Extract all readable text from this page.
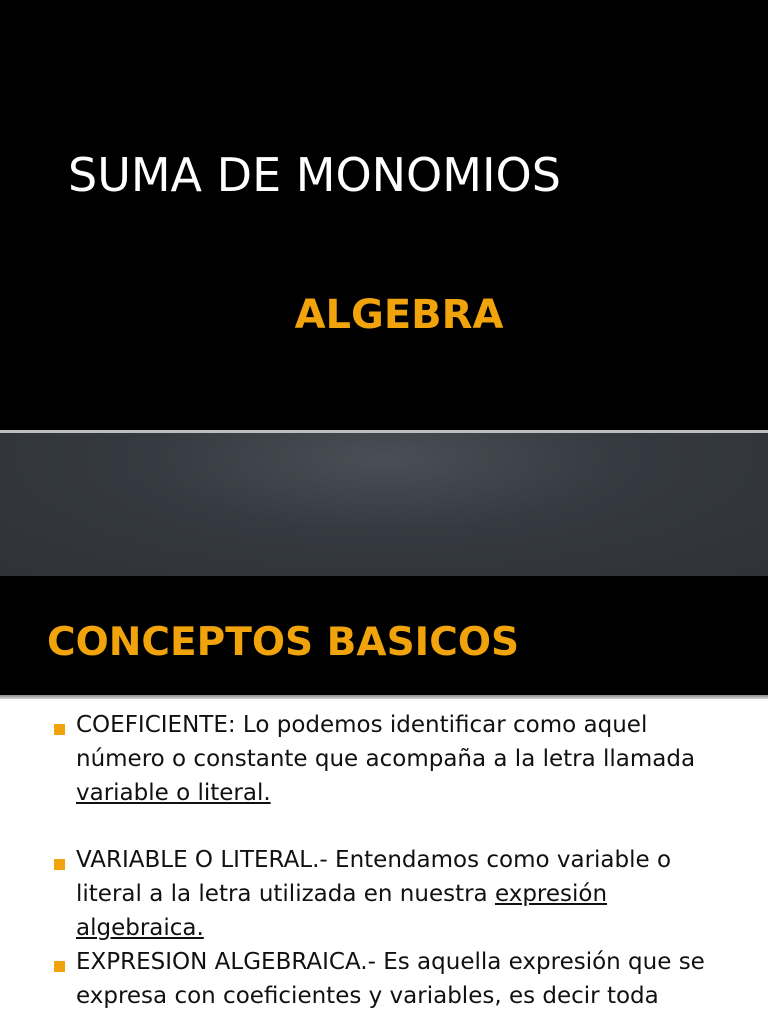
SUMA DE MONOMIOS
ALGEBRA
CONCEPTOS BASICOS
COEFICIENTE: Lo podemos identificar como aquel número o constante que acompaña a la letra llamada variable o literal.
VARIABLE O LITERAL.- Entendamos como variable o literal a la letra utilizada en nuestra expresión algebraica.
EXPRESION ALGEBRAICA.- Es aquella expresión que se expresa con coeficientes y variables, es decir toda
